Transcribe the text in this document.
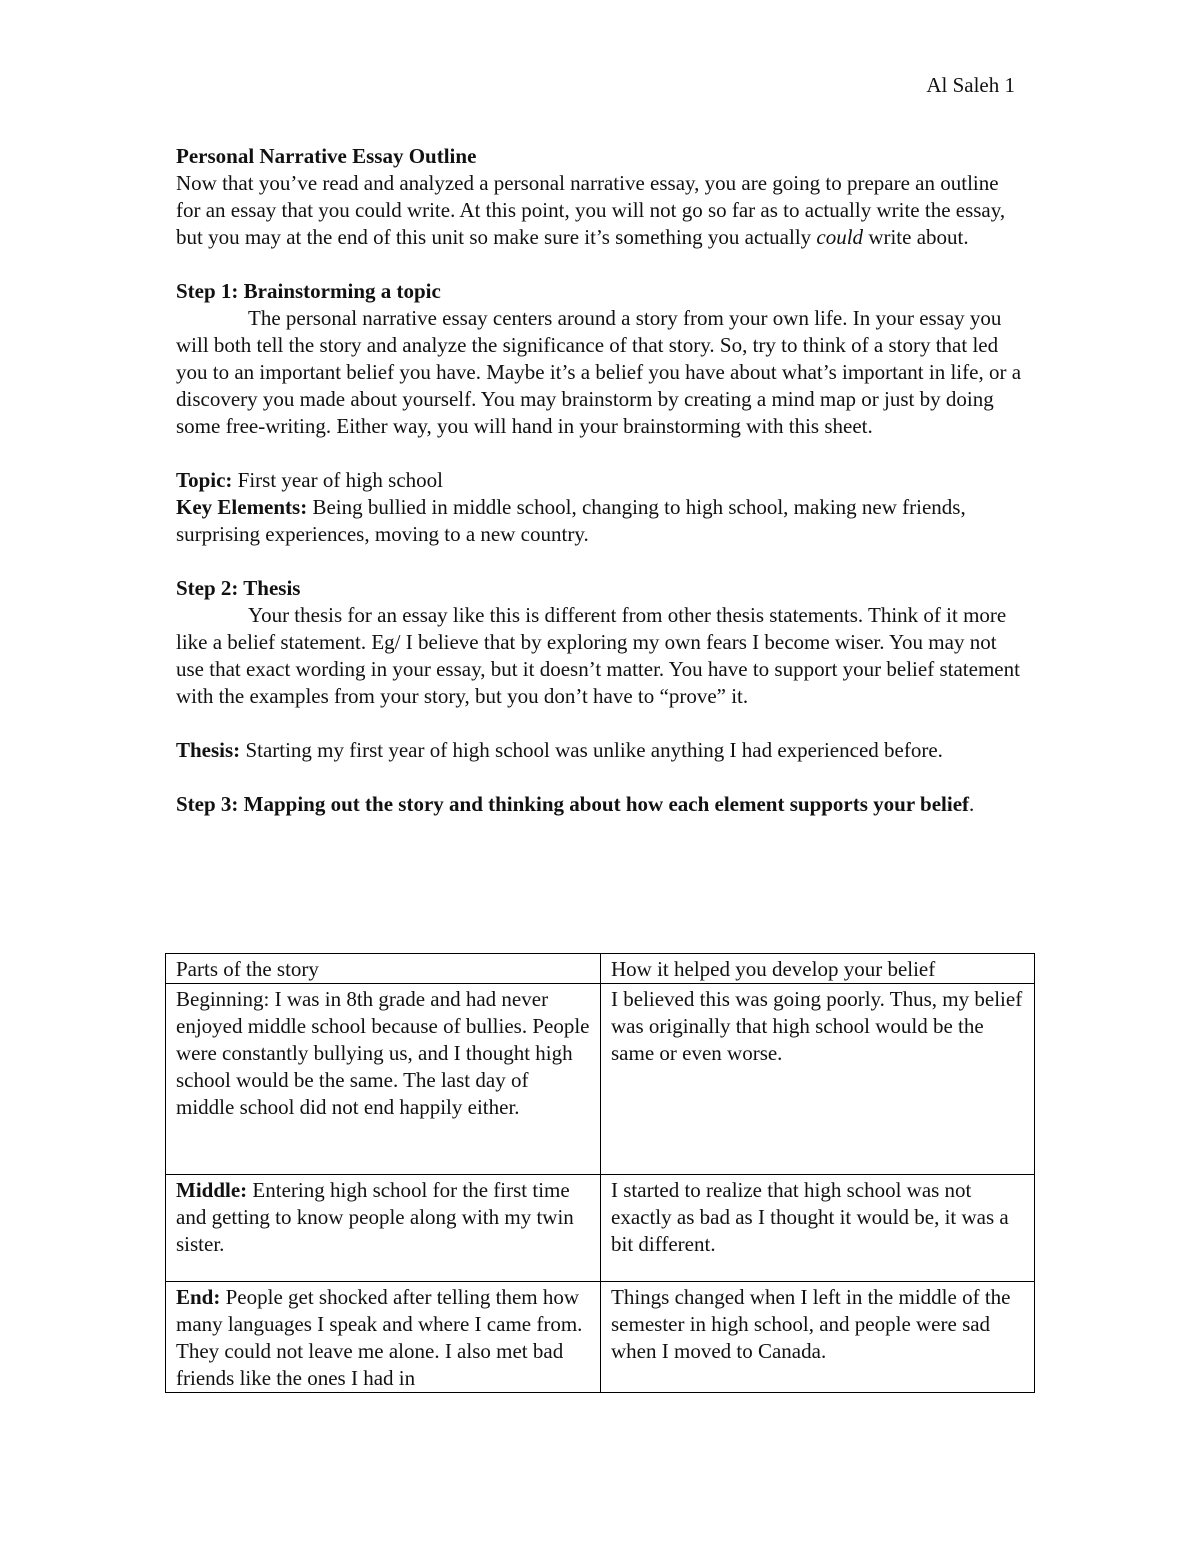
Al Saleh 1

Personal Narrative Essay Outline

Now that you’ve read and analyzed a personal narrative essay, you are going to prepare an outline for an essay that you could write. At this point, you will not go so far as to actually write the essay, but you may at the end of this unit so make sure it’s something you actually could write about.

Step 1: Brainstorming a topic

The personal narrative essay centers around a story from your own life. In your essay you will both tell the story and analyze the significance of that story. So, try to think of a story that led you to an important belief you have. Maybe it’s a belief you have about what’s important in life, or a discovery you made about yourself. You may brainstorm by creating a mind map or just by doing some free-writing. Either way, you will hand in your brainstorming with this sheet.

Topic: First year of high school

Key Elements: Being bullied in middle school, changing to high school, making new friends, surprising experiences, moving to a new country.

Step 2: Thesis

Your thesis for an essay like this is different from other thesis statements. Think of it more like a belief statement. Eg/ I believe that by exploring my own fears I become wiser. You may not use that exact wording in your essay, but it doesn’t matter. You have to support your belief statement with the examples from your story, but you don’t have to “prove” it.

Thesis: Starting my first year of high school was unlike anything I had experienced before.

Step 3: Mapping out the story and thinking about how each element supports your belief.

Parts of the story	How it helped you develop your belief
Beginning: I was in 8th grade and had never enjoyed middle school because of bullies. People were constantly bullying us, and I thought high school would be the same. The last day of middle school did not end happily either.	I believed this was going poorly. Thus, my belief was originally that high school would be the same or even worse.
Middle: Entering high school for the first time and getting to know people along with my twin sister.	I started to realize that high school was not exactly as bad as I thought it would be, it was a bit different.
End: People get shocked after telling them how many languages I speak and where I came from. They could not leave me alone. I also met bad friends like the ones I had in	Things changed when I left in the middle of the semester in high school, and people were sad when I moved to Canada.
